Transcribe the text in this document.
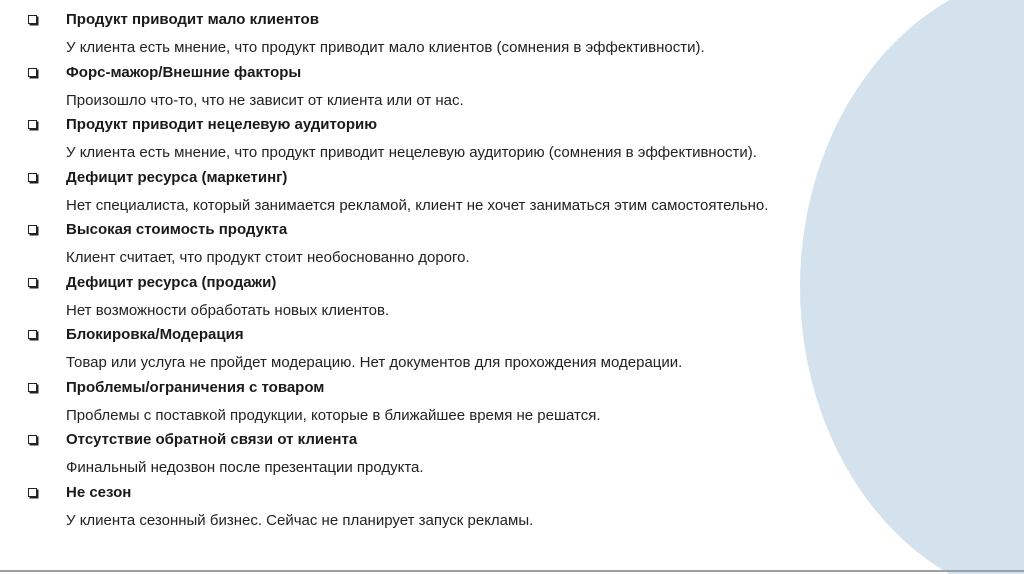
Продукт приводит мало клиентов
У клиента есть мнение, что продукт приводит мало клиентов (сомнения в эффективности).
Форс-мажор/Внешние факторы
Произошло что-то, что не зависит от клиента или от нас.
Продукт приводит нецелевую аудиторию
У клиента есть мнение, что продукт приводит нецелевую аудиторию (сомнения в эффективности).
Дефицит ресурса (маркетинг)
Нет специалиста, который занимается рекламой, клиент не хочет заниматься этим самостоятельно.
Высокая стоимость продукта
Клиент считает, что продукт стоит необоснованно дорого.
Дефицит ресурса (продажи)
Нет возможности обработать новых клиентов.
Блокировка/Модерация
Товар или услуга не пройдет модерацию. Нет документов для прохождения модерации.
Проблемы/ограничения с товаром
Проблемы с поставкой продукции, которые в ближайшее время не решатся.
Отсутствие обратной связи от клиента
Финальный недозвон после презентации продукта.
Не сезон
У клиента сезонный бизнес. Сейчас не планирует запуск рекламы.
